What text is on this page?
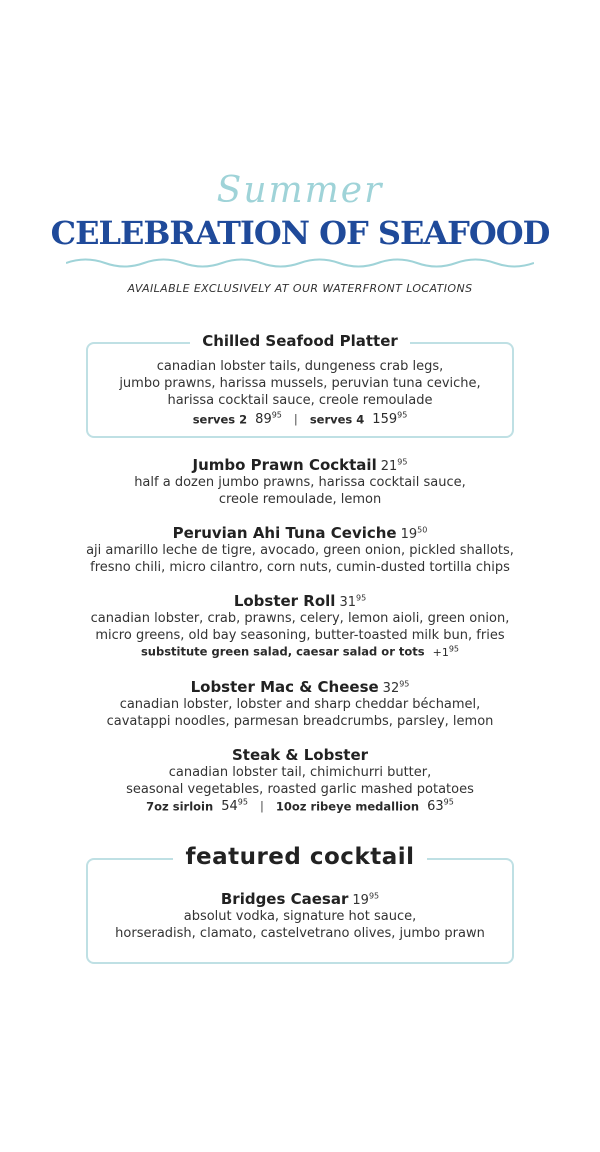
Summer
CELEBRATION OF SEAFOOD
AVAILABLE EXCLUSIVELY AT OUR WATERFRONT LOCATIONS
Chilled Seafood Platter
canadian lobster tails, dungeness crab legs,
jumbo prawns, harissa mussels, peruvian tuna ceviche,
harissa cocktail sauce, creole remoulade
serves 2 $89^{95}$ | serves 4 $159^{95}$
Jumbo Prawn Cocktail $21^{95}$
half a dozen jumbo prawns, harissa cocktail sauce,
creole remoulade, lemon
Peruvian Ahi Tuna Ceviche $19^{50}$
aji amarillo leche de tigre, avocado, green onion, pickled shallots,
fresno chili, micro cilantro, corn nuts, cumin-dusted tortilla chips
Lobster Roll $31^{95}$
canadian lobster, crab, prawns, celery, lemon aioli, green onion,
micro greens, old bay seasoning, butter-toasted milk bun, fries
substitute green salad, caesar salad or tots $+1^{95}$
Lobster Mac & Cheese $32^{95}$
canadian lobster, lobster and sharp cheddar béchamel,
cavatappi noodles, parmesan breadcrumbs, parsley, lemon
Steak & Lobster
canadian lobster tail, chimichurri butter,
seasonal vegetables, roasted garlic mashed potatoes
7oz sirloin $54^{95}$ | 10oz ribeye medallion $63^{95}$
featured cocktail
Bridges Caesar $19^{95}$
absolut vodka, signature hot sauce,
horseradish, clamato, castelvetrano olives, jumbo prawn
